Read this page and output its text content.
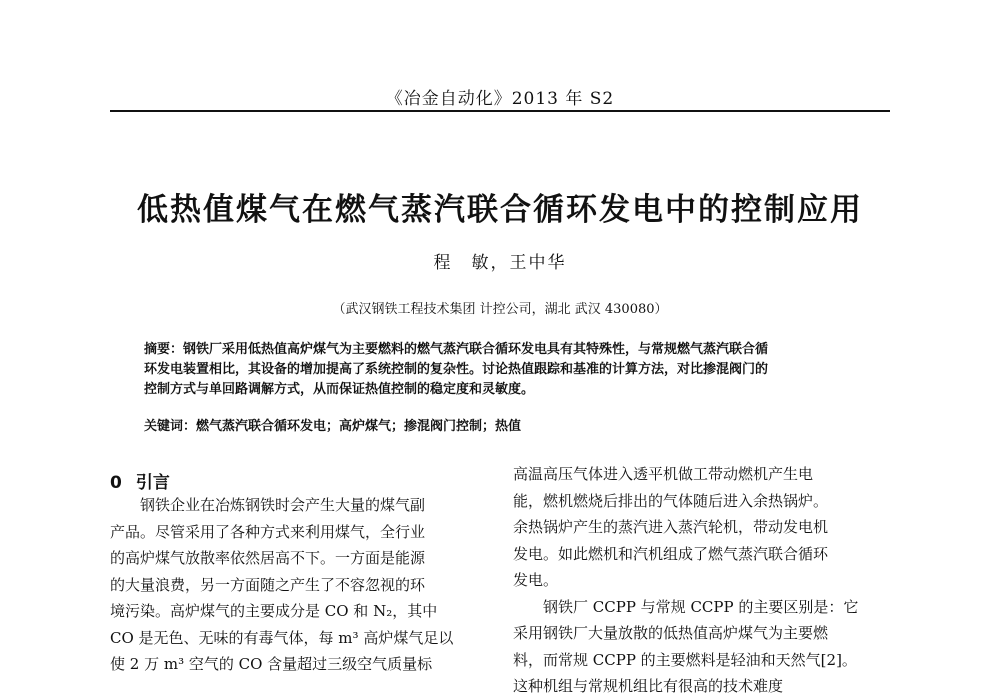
《冶金自动化》2013 年 S2
低热值煤气在燃气蒸汽联合循环发电中的控制应用
程　敏，王中华
（武汉钢铁工程技术集团 计控公司，湖北 武汉 430080）

摘要：钢铁厂采用低热值高炉煤气为主要燃料的燃气蒸汽联合循环发电具有其特殊性，与常规燃气蒸汽联合循

环发电装置相比，其设备的增加提高了系统控制的复杂性。讨论热值跟踪和基准的计算方法，对比掺混阀门的

控制方式与单回路调解方式，从而保证热值控制的稳定度和灵敏度。

关键词：燃气蒸汽联合循环发电；高炉煤气；掺混阀门控制；热值
0 引言
钢铁企业在冶炼钢铁时会产生大量的煤气副
产品。尽管采用了各种方式来利用煤气，全行业
的高炉煤气放散率依然居高不下。一方面是能源
的大量浪费，另一方面随之产生了不容忽视的环
境污染。高炉煤气的主要成分是 CO 和 N₂，其中
CO 是无色、无味的有毒气体，每 m³ 高炉煤气足以
使 2 万 m³ 空气的 CO 含量超过三级空气质量标
高温高压气体进入透平机做工带动燃机产生电
能，燃机燃烧后排出的气体随后进入余热锅炉。
余热锅炉产生的蒸汽进入蒸汽轮机，带动发电机
发电。如此燃机和汽机组成了燃气蒸汽联合循环
发电。
钢铁厂 CCPP 与常规 CCPP 的主要区别是：它
采用钢铁厂大量放散的低热值高炉煤气为主要燃
料，而常规 CCPP 的主要燃料是轻油和天然气[2]。
这种机组与常规机组比有很高的技术难度
